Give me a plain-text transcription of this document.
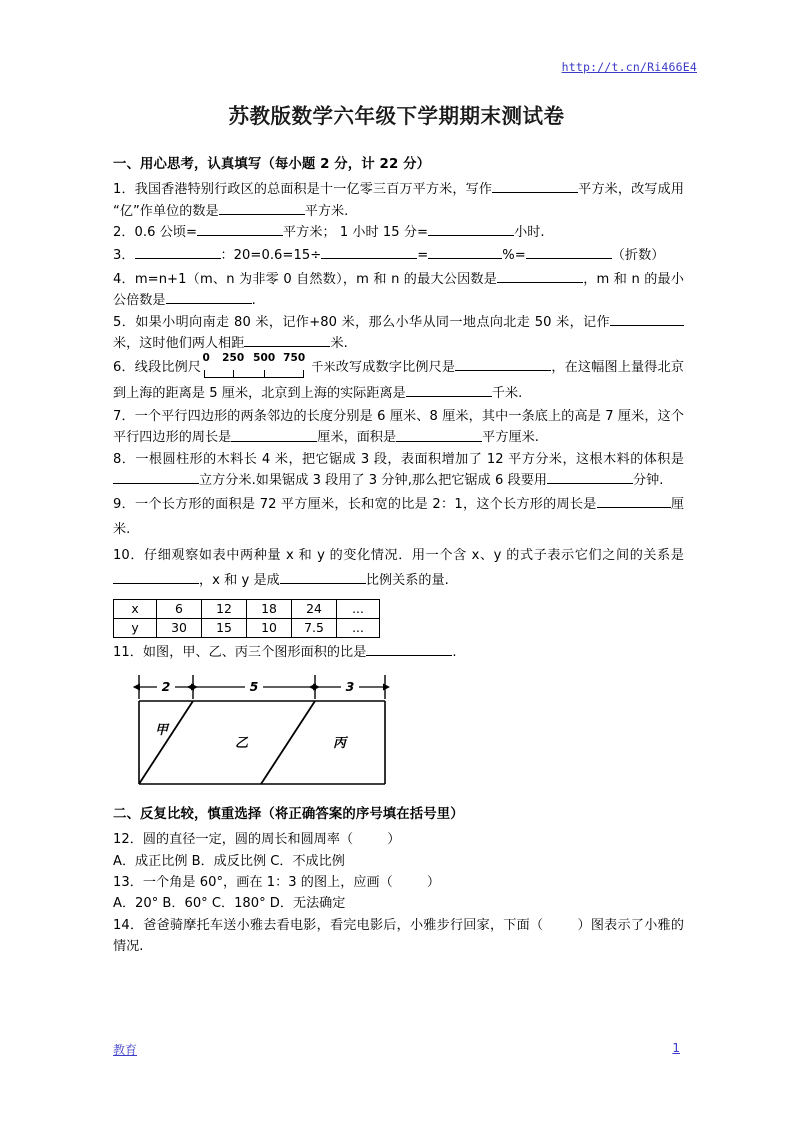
http://t.cn/Ri466E4
苏教版数学六年级下学期期末测试卷

一、用心思考，认真填写（每小题 2 分，计 22 分）

1．我国香港特别行政区的总面积是十一亿零三百万平方米，写作	平方米，改写成用“亿”作单位的数是	平方米.

2．0.6 公顷=	平方米； 1 小时 15 分=	小时.

3．	：20=0.6=15÷	=	%=	（折数）

4．m=n+1（m、n 为非零 0 自然数），m 和 n 的最大公因数是	，m 和 n 的最小公倍数是	.

5．如果小明向南走 80 米，记作+80 米，那么小华从同一地点向北走 50 米，记作米，这时他们两人相距	米.

6．线段比例尺
0 250 500 750
千米改写成数字比例尺是	，在这幅图上量得北京到上海的距离是 5 厘米，北京到上海的实际距离是	千米.

7．一个平行四边形的两条邻边的长度分别是 6 厘米、8 厘米，其中一条底上的高是 7 厘米，这个平行四边形的周长是	厘米，面积是	平方厘米.

8．一根圆柱形的木料长 4 米，把它锯成 3 段，表面积增加了 12 平方分米，这根木料的体积是立方分米.如果锯成 3 段用了 3 分钟,那么把它锯成 6 段要用	分钟.

9．一个长方形的面积是 72 平方厘米，长和宽的比是 2：1，这个长方形的周长是	厘米.

10．仔细观察如表中两种量 x 和 y 的变化情况．用一个含 x、y 的式子表示它们之间的关系是，x 和 y 是成	比例关系的量.

x	6	12	18	24	...
y	30	15	10	7.5	...

11．如图，甲、乙、丙三个图形面积的比是	.

2	5	3
甲
乙	丙

二、反复比较，慎重选择（将正确答案的序号填在括号里）

12．圆的直径一定，圆的周长和圆周率（	）

A．成正比例 B．成反比例 C．不成比例

13．一个角是 60°，画在 1：3 的图上，应画（	）

A．20° B．60° C．180° D．无法确定

14．爸爸骑摩托车送小雅去看电影，看完电影后，小雅步行回家，下面（	）图表示了小雅的情况.

教育	1
